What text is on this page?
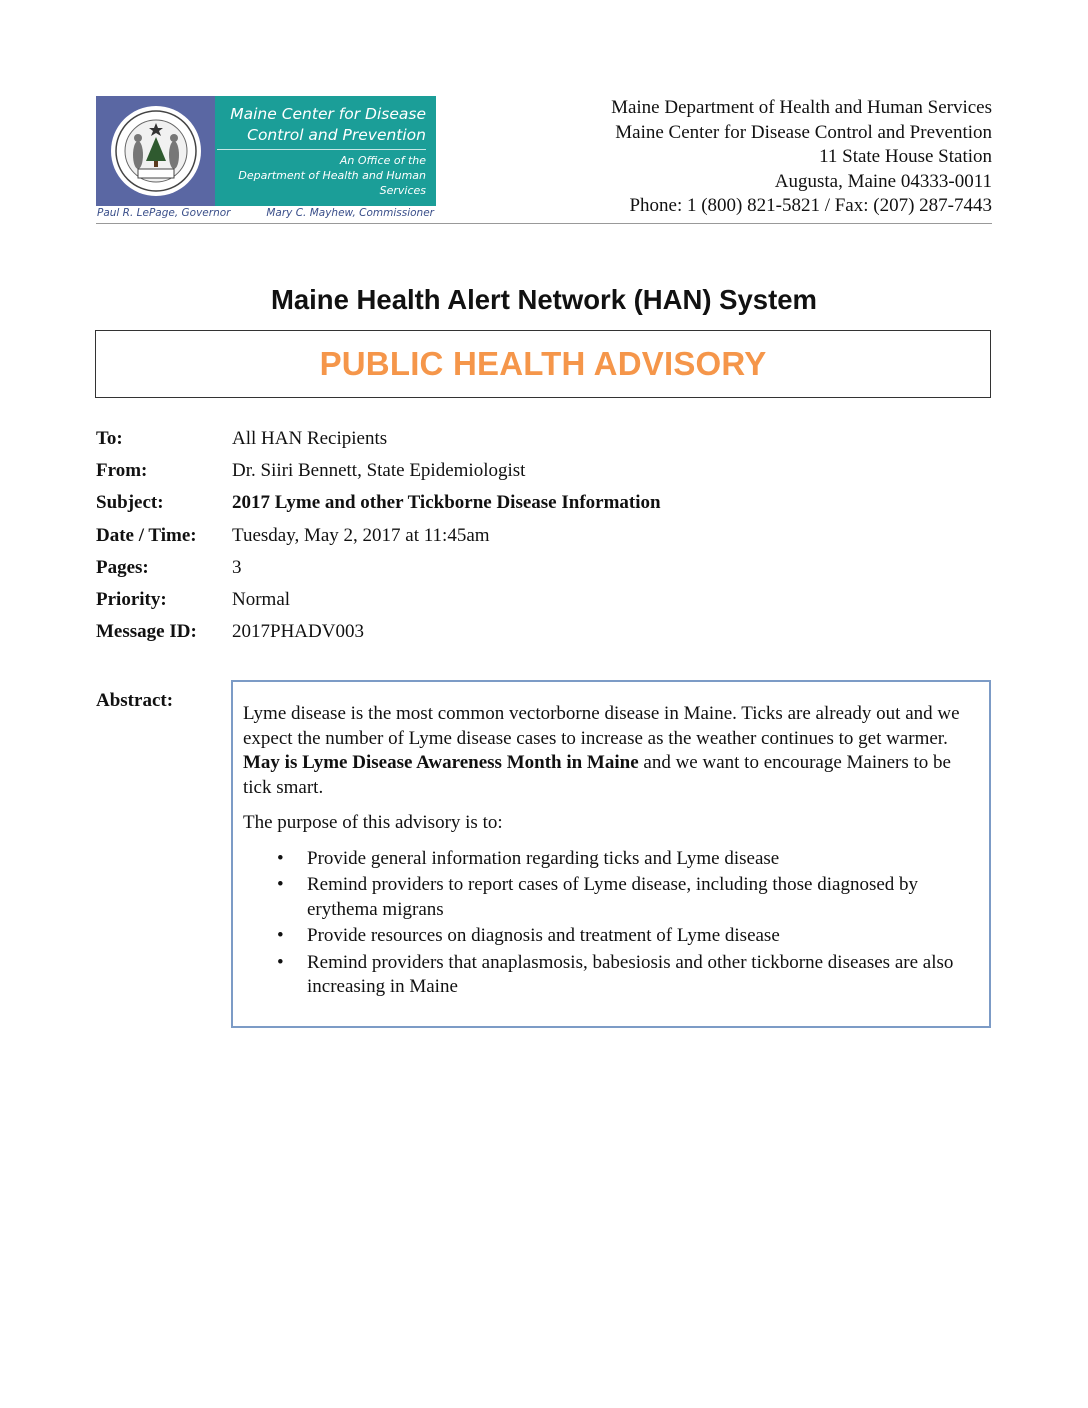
Maine Center for Disease
Control and Prevention
An Office of the
Department of Health and Human Services
Paul R. LePage, Governor	Mary C. Mayhew, Commissioner
Maine Department of Health and Human Services
Maine Center for Disease Control and Prevention
11 State House Station
Augusta, Maine 04333-0011
Phone: 1 (800) 821-5821 / Fax: (207) 287-7443
Maine Health Alert Network (HAN) System
PUBLIC HEALTH ADVISORY
To:	All HAN Recipients
From:	Dr. Siiri Bennett, State Epidemiologist
Subject:	2017 Lyme and other Tickborne Disease Information
Date / Time:	Tuesday, May 2, 2017 at 11:45am
Pages:	3
Priority:	Normal
Message ID:	2017PHADV003
Abstract:

Lyme disease is the most common vectorborne disease in Maine. Ticks are already out and we expect the number of Lyme disease cases to increase as the weather continues to get warmer. May is Lyme Disease Awareness Month in Maine and we want to encourage Mainers to be tick smart.

The purpose of this advisory is to:

• Provide general information regarding ticks and Lyme disease
• Remind providers to report cases of Lyme disease, including those diagnosed by erythema migrans
• Provide resources on diagnosis and treatment of Lyme disease
• Remind providers that anaplasmosis, babesiosis and other tickborne diseases are also increasing in Maine
